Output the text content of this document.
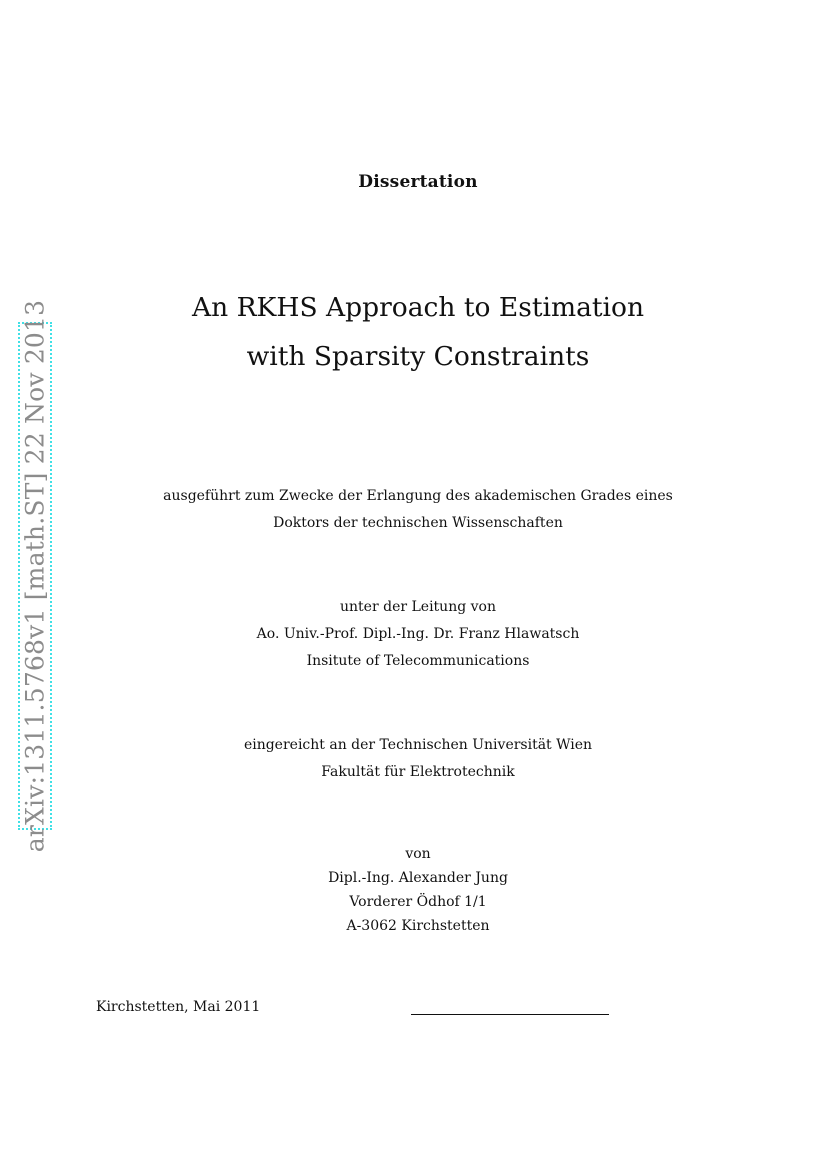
arXiv:1311.5768v1 [math.ST] 22 Nov 2013
Dissertation
An RKHS Approach to Estimation
with Sparsity Constraints
ausgeführt zum Zwecke der Erlangung des akademischen Grades eines
Doktors der technischen Wissenschaften
unter der Leitung von
Ao. Univ.-Prof. Dipl.-Ing. Dr. Franz Hlawatsch
Insitute of Telecommunications
eingereicht an der Technischen Universität Wien
Fakultät für Elektrotechnik
von
Dipl.-Ing. Alexander Jung
Vorderer Ödhof 1/1
A-3062 Kirchstetten
Kirchstetten, Mai 2011
